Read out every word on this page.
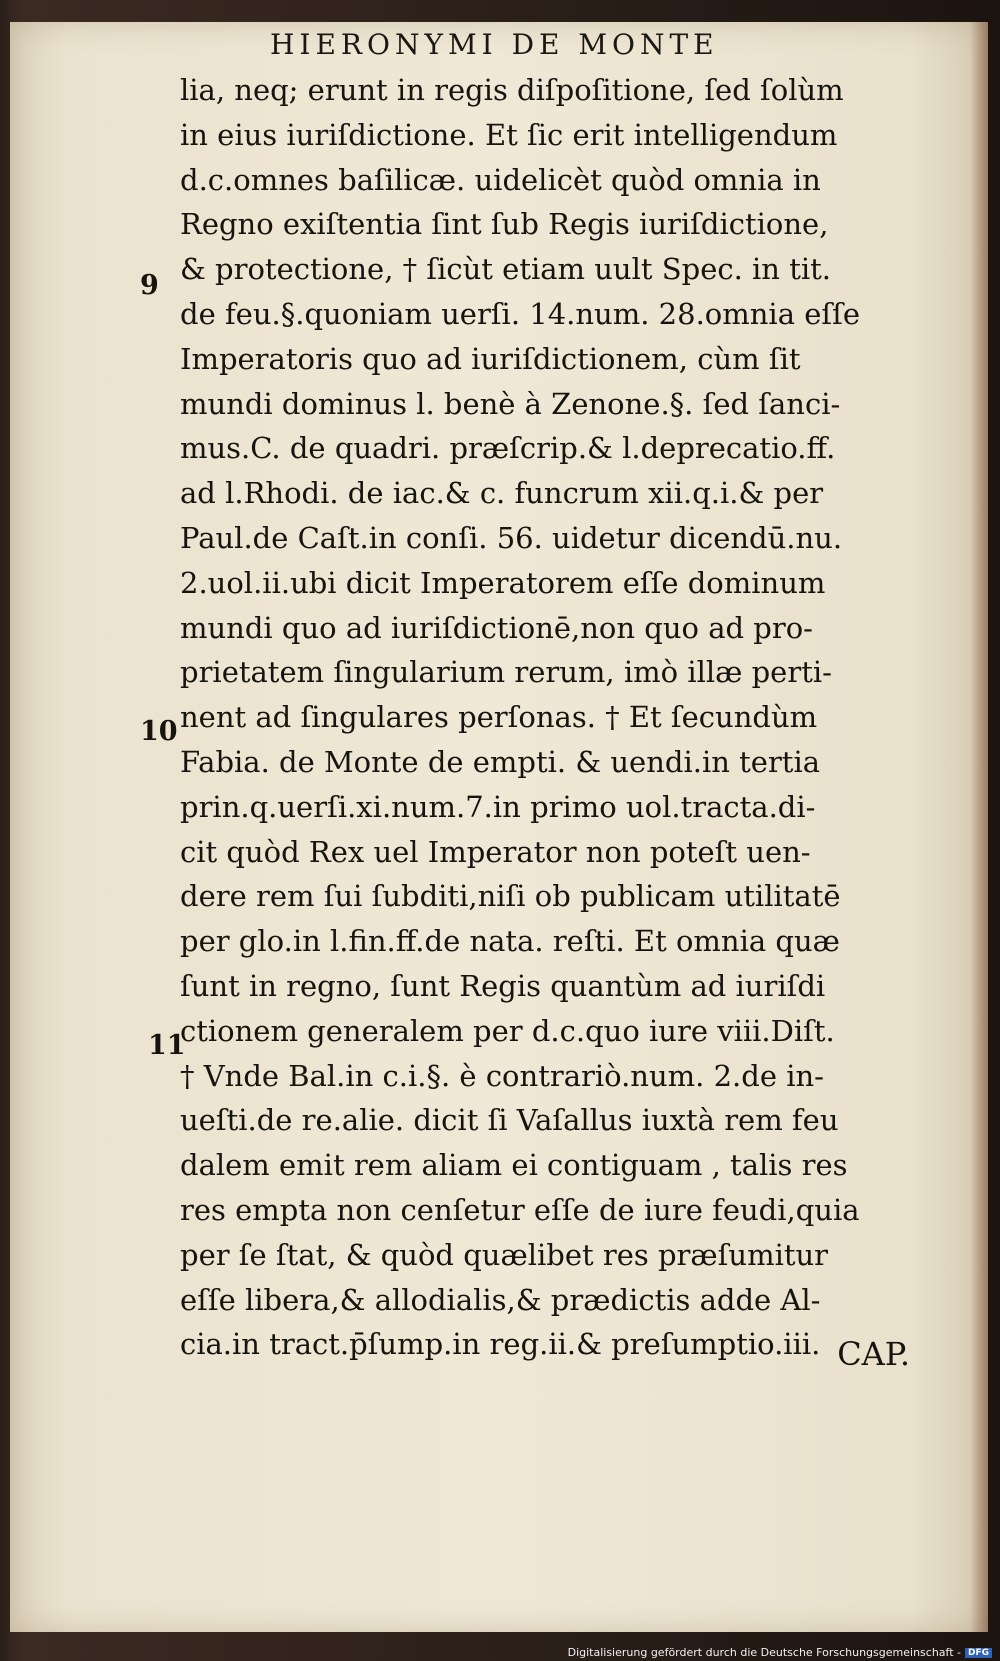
HIERONYMI DE MONTE
lia, neq; erunt in regis diſpoſitione, ſed ſolùm
in eius iuriſdictione. Et ſic erit intelligendum
d.c.omnes baſilicæ. uidelicèt quòd omnia in
Regno exiſtentia ſint ſub Regis iuriſdictione,
& protectione, † ſicùt etiam uult Spec. in tit.
de feu.§.quoniam uerſi. 14.num. 28.omnia eſſe
Imperatoris quo ad iuriſdictionem, cùm ſit
mundi dominus l. benè à Zenone.§. ſed ſanci-
mus.C. de quadri. præſcrip.& l.deprecatio.ff.
ad l.Rhodi. de iac.& c. funcrum xii.q.i.& per
Paul.de Caſt.in conſi. 56. uidetur dicendū.nu.
2.uol.ii.ubi dicit Imperatorem eſſe dominum
mundi quo ad iuriſdictionē,non quo ad pro-
prietatem ſingularium rerum, imò illæ perti-
nent ad ſingulares perſonas. † Et ſecundùm
Fabia. de Monte de empti. & uendi.in tertia
prin.q.uerſi.xi.num.7.in primo uol.tracta.di-
cit quòd Rex uel Imperator non poteſt uen-
dere rem ſui ſubditi,niſi ob publicam utilitatē
per glo.in l.fin.ff.de nata. reſti. Et omnia quæ
ſunt in regno, ſunt Regis quantùm ad iuriſdi
ctionem generalem per d.c.quo iure viii.Diſt.
† Vnde Bal.in c.i.§. è contrariò.num. 2.de in-
ueſti.de re.alie. dicit ſi Vaſallus iuxtà rem feu
dalem emit rem aliam ei contiguam , talis res
res empta non cenſetur eſſe de iure feudi,quia
per ſe ſtat, & quòd quælibet res præſumitur
eſſe libera,& allodialis,& prædictis adde Al-
cia.in tract.p̄ſump.in reg.ii.& preſumptio.iii.
9
10
11
CAP.
Digitalisierung gefördert durch die Deutsche Forschungsgemeinschaft - DFG
